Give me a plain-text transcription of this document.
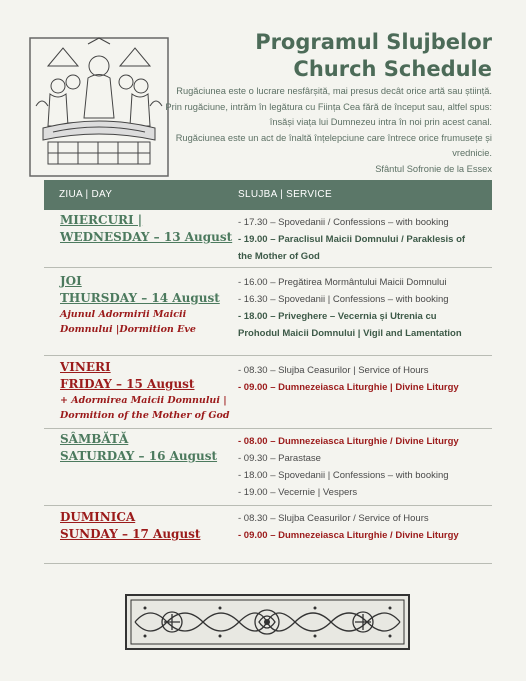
Programul Slujbelor
Church Schedule
Rugăciunea este o lucrare nesfârșită, mai presus decât orice artă sau știință.
Prin rugăciune, intrăm în legătura cu Ființa Cea fără de început sau, altfel spus:
însăși viața lui Dumnezeu intra în noi prin acest canal.
Rugăciunea este un act de înaltă înțelepciune care întrece orice frumusețe și
vrednicie.
Sfântul Sofronie de la Essex
ZIUA | DAY	SLUJBA | SERVICE
MIERCURI |
WEDNESDAY – 13 August
- 17.30 – Spovedanii / Confessions – with booking
- 19.00 – Paraclisul Maicii Domnului / Paraklesis of
the Mother of God
JOI
THURSDAY – 14 August
Ajunul Adormirii Maicii
Domnului |Dormition Eve
- 16.00 – Pregătirea Mormântului Maicii Domnului
- 16.30 – Spovedanii | Confessions – with booking
- 18.00 – Priveghere – Vecernia și Utrenia cu
Prohodul Maicii Domnului | Vigil and Lamentation
VINERI
FRIDAY – 15 August
+ Adormirea Maicii Domnului |
Dormition of the Mother of God
- 08.30 – Slujba Ceasurilor | Service of Hours
- 09.00 – Dumnezeiasca Liturghie | Divine Liturgy
SÂMBĂTĂ
SATURDAY – 16 August
- 08.00 – Dumnezeiasca Liturghie / Divine Liturgy
- 09.30 – Parastase
- 18.00 – Spovedanii | Confessions – with booking
- 19.00 – Vecernie | Vespers
DUMINICA
SUNDAY – 17 August
- 08.30 – Slujba Ceasurilor / Service of Hours
- 09.00 – Dumnezeiasca Liturghie / Divine Liturgy
